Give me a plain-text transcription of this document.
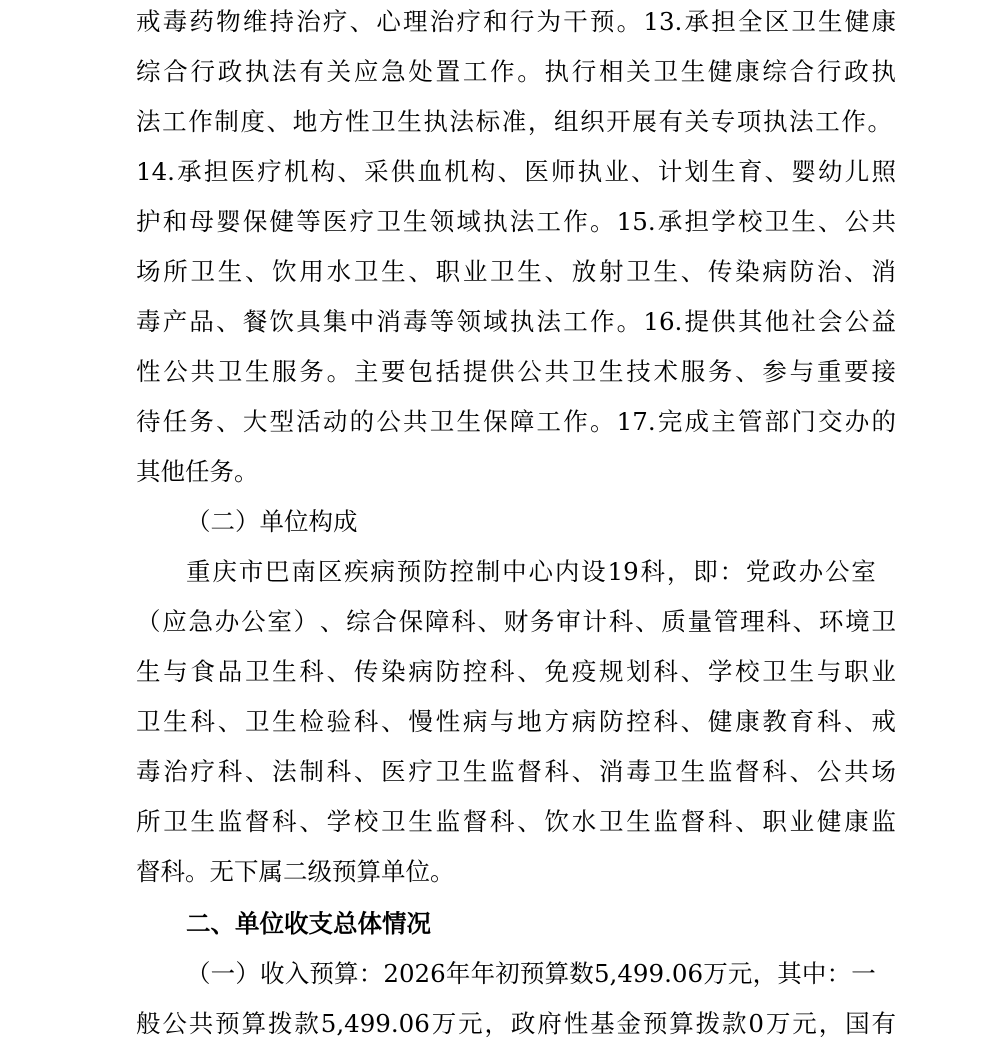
戒 毒 药 物 维 持 治 疗 、 心 理 治 疗 和 行 为 干 预 。 13. 承 担 全 区 卫 生 健 康
综 合 行 政 执 法 有 关 应 急 处 置 工 作 。 执 行 相 关 卫 生 健 康 综 合 行 政 执
法 工 作 制 度 、 地 方 性 卫 生 执 法 标 准 ， 组 织 开 展 有 关 专 项 执 法 工 作 。
14. 承 担 医 疗 机 构 、 采 供 血 机 构 、 医 师 执 业 、 计 划 生 育 、 婴 幼 儿 照
护 和 母 婴 保 健 等 医 疗 卫 生 领 域 执 法 工 作 。 15. 承 担 学 校 卫 生 、 公 共
场 所 卫 生 、 饮 用 水 卫 生 、 职 业 卫 生 、 放 射 卫 生 、 传 染 病 防 治 、 消
毒 产 品 、 餐 饮 具 集 中 消 毒 等 领 域 执 法 工 作 。 16. 提 供 其 他 社 会 公 益
性 公 共 卫 生 服 务 。 主 要 包 括 提 供 公 共 卫 生 技 术 服 务 、 参 与 重 要 接
待 任 务 、 大 型 活 动 的 公 共 卫 生 保 障 工 作 。 17. 完 成 主 管 部 门 交 办 的
其他任务。
（二）单位构成
重 庆 市 巴 南 区 疾 病 预 防 控 制 中 心 内 设 19 科 ， 即 ： 党 政 办 公 室
（ 应 急 办 公 室 ） 、 综 合 保 障 科 、 财 务 审 计 科 、 质 量 管 理 科 、 环 境 卫
生 与 食 品 卫 生 科 、 传 染 病 防 控 科 、 免 疫 规 划 科 、 学 校 卫 生 与 职 业
卫 生 科 、 卫 生 检 验 科 、 慢 性 病 与 地 方 病 防 控 科 、 健 康 教 育 科 、 戒
毒 治 疗 科 、 法 制 科 、 医 疗 卫 生 监 督 科 、 消 毒 卫 生 监 督 科 、 公 共 场
所 卫 生 监 督 科 、 学 校 卫 生 监 督 科 、 饮 水 卫 生 监 督 科 、 职 业 健 康 监
督科。无下属二级预算单位。
二、单位收支总体情况
（ 一 ） 收 入 预 算 ： 2026 年 年 初 预 算 数 5,499.06 万 元 ， 其 中 ： 一
般 公 共 预 算 拨 款 5,499.06 万 元 ， 政 府 性 基 金 预 算 拨 款 0 万 元 ， 国 有
